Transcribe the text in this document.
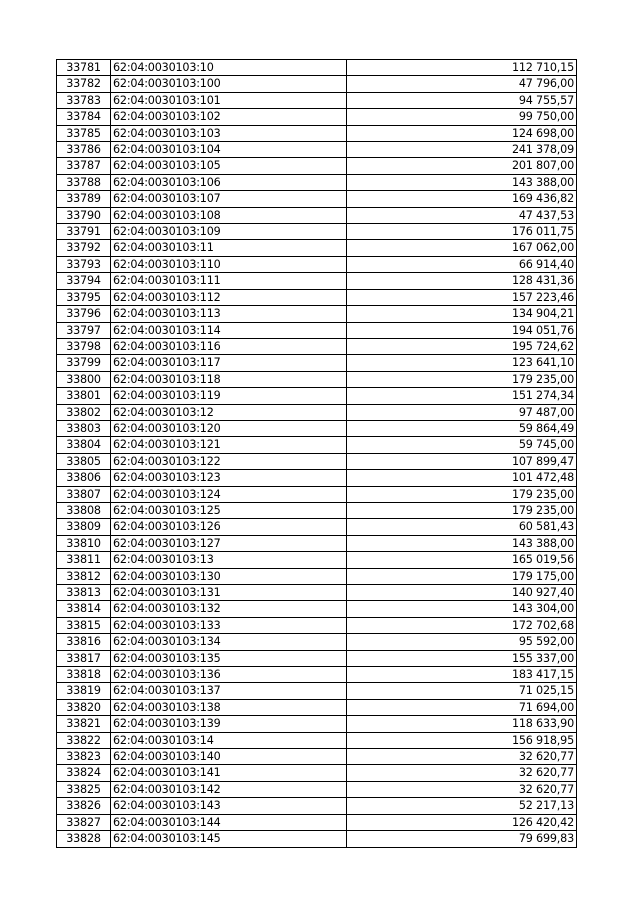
33781	62:04:0030103:10	112 710,15
33782	62:04:0030103:100	47 796,00
33783	62:04:0030103:101	94 755,57
33784	62:04:0030103:102	99 750,00
33785	62:04:0030103:103	124 698,00
33786	62:04:0030103:104	241 378,09
33787	62:04:0030103:105	201 807,00
33788	62:04:0030103:106	143 388,00
33789	62:04:0030103:107	169 436,82
33790	62:04:0030103:108	47 437,53
33791	62:04:0030103:109	176 011,75
33792	62:04:0030103:11	167 062,00
33793	62:04:0030103:110	66 914,40
33794	62:04:0030103:111	128 431,36
33795	62:04:0030103:112	157 223,46
33796	62:04:0030103:113	134 904,21
33797	62:04:0030103:114	194 051,76
33798	62:04:0030103:116	195 724,62
33799	62:04:0030103:117	123 641,10
33800	62:04:0030103:118	179 235,00
33801	62:04:0030103:119	151 274,34
33802	62:04:0030103:12	97 487,00
33803	62:04:0030103:120	59 864,49
33804	62:04:0030103:121	59 745,00
33805	62:04:0030103:122	107 899,47
33806	62:04:0030103:123	101 472,48
33807	62:04:0030103:124	179 235,00
33808	62:04:0030103:125	179 235,00
33809	62:04:0030103:126	60 581,43
33810	62:04:0030103:127	143 388,00
33811	62:04:0030103:13	165 019,56
33812	62:04:0030103:130	179 175,00
33813	62:04:0030103:131	140 927,40
33814	62:04:0030103:132	143 304,00
33815	62:04:0030103:133	172 702,68
33816	62:04:0030103:134	95 592,00
33817	62:04:0030103:135	155 337,00
33818	62:04:0030103:136	183 417,15
33819	62:04:0030103:137	71 025,15
33820	62:04:0030103:138	71 694,00
33821	62:04:0030103:139	118 633,90
33822	62:04:0030103:14	156 918,95
33823	62:04:0030103:140	32 620,77
33824	62:04:0030103:141	32 620,77
33825	62:04:0030103:142	32 620,77
33826	62:04:0030103:143	52 217,13
33827	62:04:0030103:144	126 420,42
33828	62:04:0030103:145	79 699,83
